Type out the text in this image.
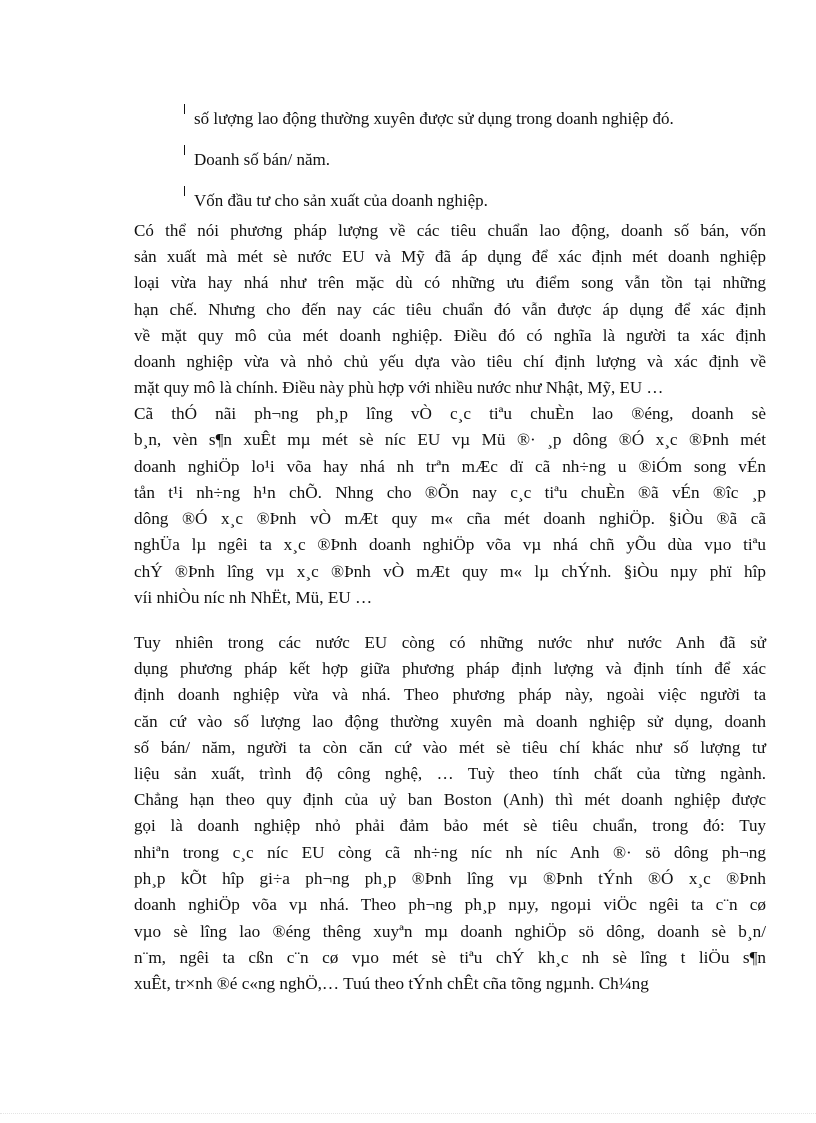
số lượng lao động thường xuyên được sử dụng trong doanh nghiệp đó.
Doanh số bán/ năm.
Vốn đầu tư cho sản xuất của doanh nghiệp.

Có thể nói phương pháp lượng về các tiêu chuẩn lao động, doanh số bán, vốn
sản xuất mà mét sè nước EU và Mỹ đã áp dụng để xác định mét doanh nghiệp
loại vừa hay nhá như trên mặc dù có những ưu điểm song vẫn tồn tại những
hạn chế. Nhưng cho đến nay các tiêu chuẩn đó vẫn được áp dụng để xác định
về mặt quy mô của mét doanh nghiệp. Điều đó có nghĩa là người ta xác định
doanh nghiệp vừa và nhỏ chủ yếu dựa vào tiêu chí định lượng và xác định về
mặt quy mô là chính. Điều này phù hợp với nhiều nước như Nhật, Mỹ, EU …

Cã thÓ nãi ph¬ng ph¸p lîng vÒ c¸c tiªu chuÈn lao ®éng, doanh sè
b¸n, vèn s¶n xuÊt mµ mét sè níc EU vµ Mü ®· ¸p dông ®Ó x¸c ®Þnh mét
doanh nghiÖp lo¹i võa hay nhá nh trªn mÆc dï cã nh÷ng u ®iÓm song vÉn
tån t¹i nh÷ng h¹n chÕ. Nhng cho ®Õn nay c¸c tiªu chuÈn ®ã vÉn ®îc ¸p
dông ®Ó x¸c ®Þnh vÒ mÆt quy m« cña mét doanh nghiÖp. §iÒu ®ã cã
nghÜa lµ ngêi ta x¸c ®Þnh doanh nghiÖp võa vµ nhá chñ yÕu dùa vµo tiªu
chÝ ®Þnh lîng vµ x¸c ®Þnh vÒ mÆt quy m« lµ chÝnh. §iÒu nµy phï hîp
víi nhiÒu níc nh NhËt, Mü, EU …

Tuy nhiên trong các nước EU còng có những nước như nước Anh đã sử
dụng phương pháp kết hợp giữa phương pháp định lượng và định tính để xác
định doanh nghiệp vừa và nhá. Theo phương pháp này, ngoài việc người ta
căn cứ vào số lượng lao động thường xuyên mà doanh nghiệp sử dụng, doanh
số bán/ năm, người ta còn căn cứ vào mét sè tiêu chí khác như số lượng tư
liệu sản xuất, trình độ công nghệ, … Tuỳ theo tính chất của từng ngành.
Chẳng hạn theo quy định của uỷ ban Boston (Anh) thì mét doanh nghiệp được
gọi là doanh nghiệp nhỏ phải đảm bảo mét sè tiêu chuẩn, trong đó: Tuy
nhiªn trong c¸c níc EU còng cã nh÷ng níc nh níc Anh ®· sö dông ph¬ng
ph¸p kÕt hîp gi÷a ph¬ng ph¸p ®Þnh lîng vµ ®Þnh tÝnh ®Ó x¸c ®Þnh
doanh nghiÖp võa vµ nhá. Theo ph¬ng ph¸p nµy, ngoµi viÖc ngêi ta c¨n cø
vµo sè lîng lao ®éng thêng xuyªn mµ doanh nghiÖp sö dông, doanh sè b¸n/
n¨m, ngêi ta cßn c¨n cø vµo mét sè tiªu chÝ kh¸c nh sè lîng t liÖu s¶n
xuÊt, tr×nh ®é c«ng nghÖ,… Tuú theo tÝnh chÊt cña tõng ngµnh. Ch¼ng
